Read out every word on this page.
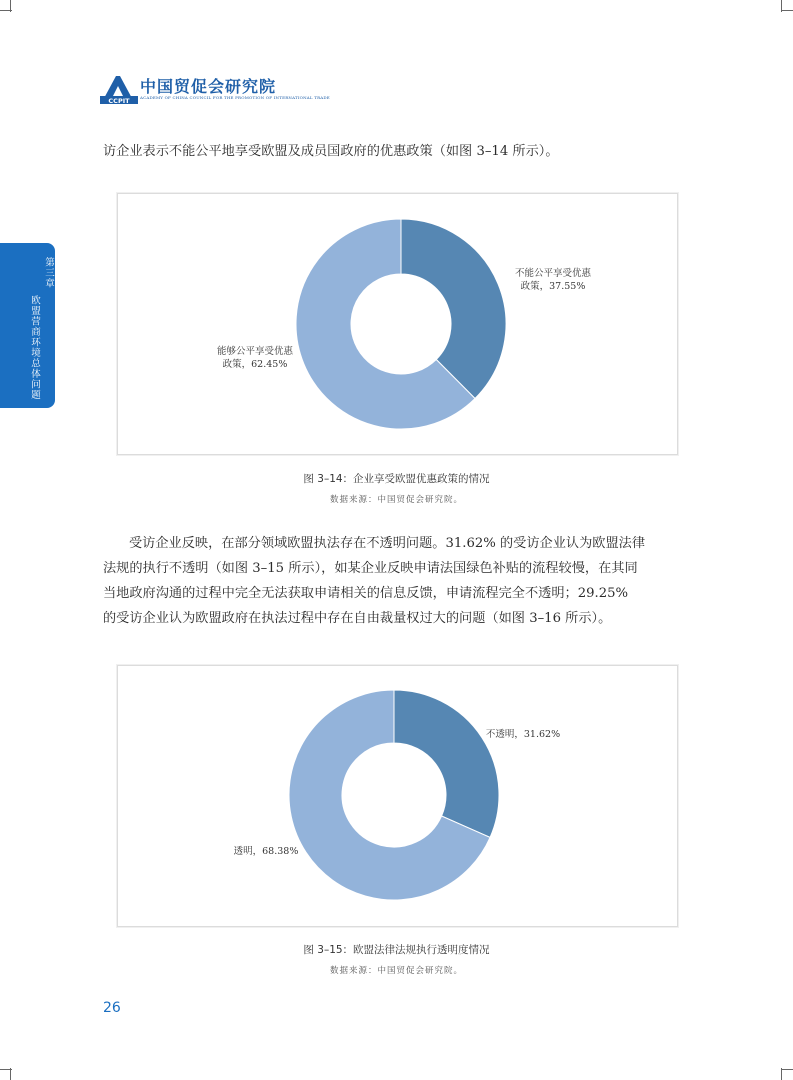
CCPIT
中国贸促会研究院
ACADEMY OF CHINA COUNCIL FOR THE PROMOTION OF INTERNATIONAL TRADE
第三章
欧盟营商环境总体问题
访企业表示不能公平地享受欧盟及成员国政府的优惠政策（如图 3–14 所示）。
不能公平享受优惠
政策，37.55%
能够公平享受优惠
政策，62.45%
图 3–14：企业享受欧盟优惠政策的情况
数据来源：中国贸促会研究院。
受访企业反映，在部分领域欧盟执法存在不透明问题。31.62% 的受访企业认为欧盟法律
法规的执行不透明（如图 3–15 所示），如某企业反映申请法国绿色补贴的流程较慢，在其同
当地政府沟通的过程中完全无法获取申请相关的信息反馈，申请流程完全不透明；29.25%
的受访企业认为欧盟政府在执法过程中存在自由裁量权过大的问题（如图 3–16 所示）。
不透明，31.62%
透明，68.38%
图 3–15：欧盟法律法规执行透明度情况
数据来源：中国贸促会研究院。
26
